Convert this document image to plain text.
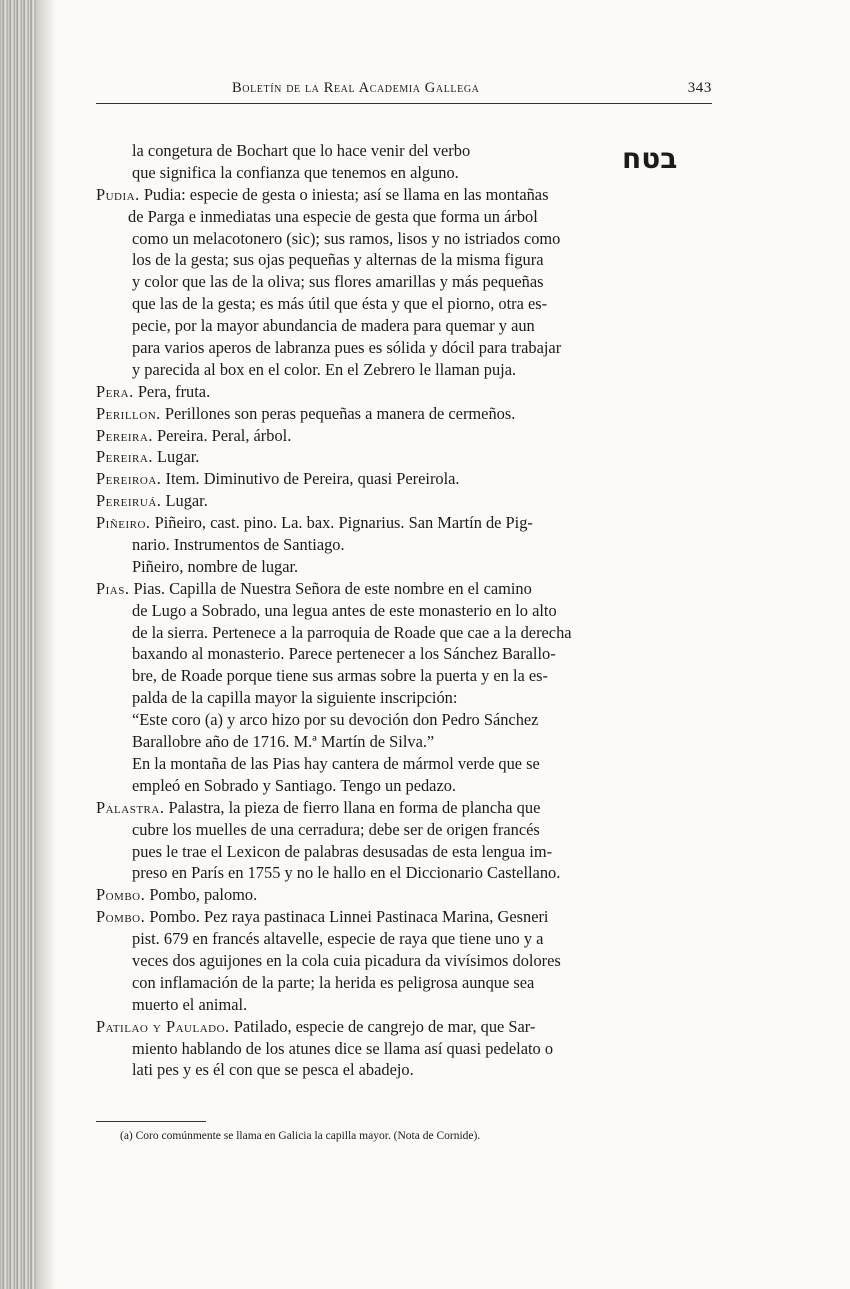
Boletín de la Real Academia Gallega	343
בטח
la congetura de Bochart que lo hace venir del verbo
que significa la confianza que tenemos en alguno.
Pudia. Pudia: especie de gesta o iniesta; así se llama en las montañas
de Parga e inmediatas una especie de gesta que forma un árbol
como un melacotonero (sic); sus ramos, lisos y no istriados como
los de la gesta; sus ojas pequeñas y alternas de la misma figura
y color que las de la oliva; sus flores amarillas y más pequeñas
que las de la gesta; es más útil que ésta y que el piorno, otra es-
pecie, por la mayor abundancia de madera para quemar y aun
para varios aperos de labranza pues es sólida y dócil para trabajar
y parecida al box en el color. En el Zebrero le llaman puja.
Pera. Pera, fruta.
Perillon. Perillones son peras pequeñas a manera de cermeños.
Pereira. Pereira. Peral, árbol.
Pereira. Lugar.
Pereiroa. Item. Diminutivo de Pereira, quasi Pereirola.
Pereiruá. Lugar.
Piñeiro. Piñeiro, cast. pino. La. bax. Pignarius. San Martín de Pig-
nario. Instrumentos de Santiago.
Piñeiro, nombre de lugar.
Pias. Pias. Capilla de Nuestra Señora de este nombre en el camino
de Lugo a Sobrado, una legua antes de este monasterio en lo alto
de la sierra. Pertenece a la parroquia de Roade que cae a la derecha
baxando al monasterio. Parece pertenecer a los Sánchez Barallo-
bre, de Roade porque tiene sus armas sobre la puerta y en la es-
palda de la capilla mayor la siguiente inscripción:
“Este coro (a) y arco hizo por su devoción don Pedro Sánchez
Barallobre año de 1716. M.ª Martín de Silva.”
En la montaña de las Pias hay cantera de mármol verde que se
empleó en Sobrado y Santiago. Tengo un pedazo.
Palastra. Palastra, la pieza de fierro llana en forma de plancha que
cubre los muelles de una cerradura; debe ser de origen francés
pues le trae el Lexicon de palabras desusadas de esta lengua im-
preso en París en 1755 y no le hallo en el Diccionario Castellano.
Pombo. Pombo, palomo.
Pombo. Pombo. Pez raya pastinaca Linnei Pastinaca Marina, Gesneri
pist. 679 en francés altavelle, especie de raya que tiene uno y a
veces dos aguijones en la cola cuia picadura da vivísimos dolores
con inflamación de la parte; la herida es peligrosa aunque sea
muerto el animal.
Patilao y Paulado. Patilado, especie de cangrejo de mar, que Sar-
miento hablando de los atunes dice se llama así quasi pedelato o
lati pes y es él con que se pesca el abadejo.
(a) Coro comúnmente se llama en Galicia la capilla mayor. (Nota de Cornide).
